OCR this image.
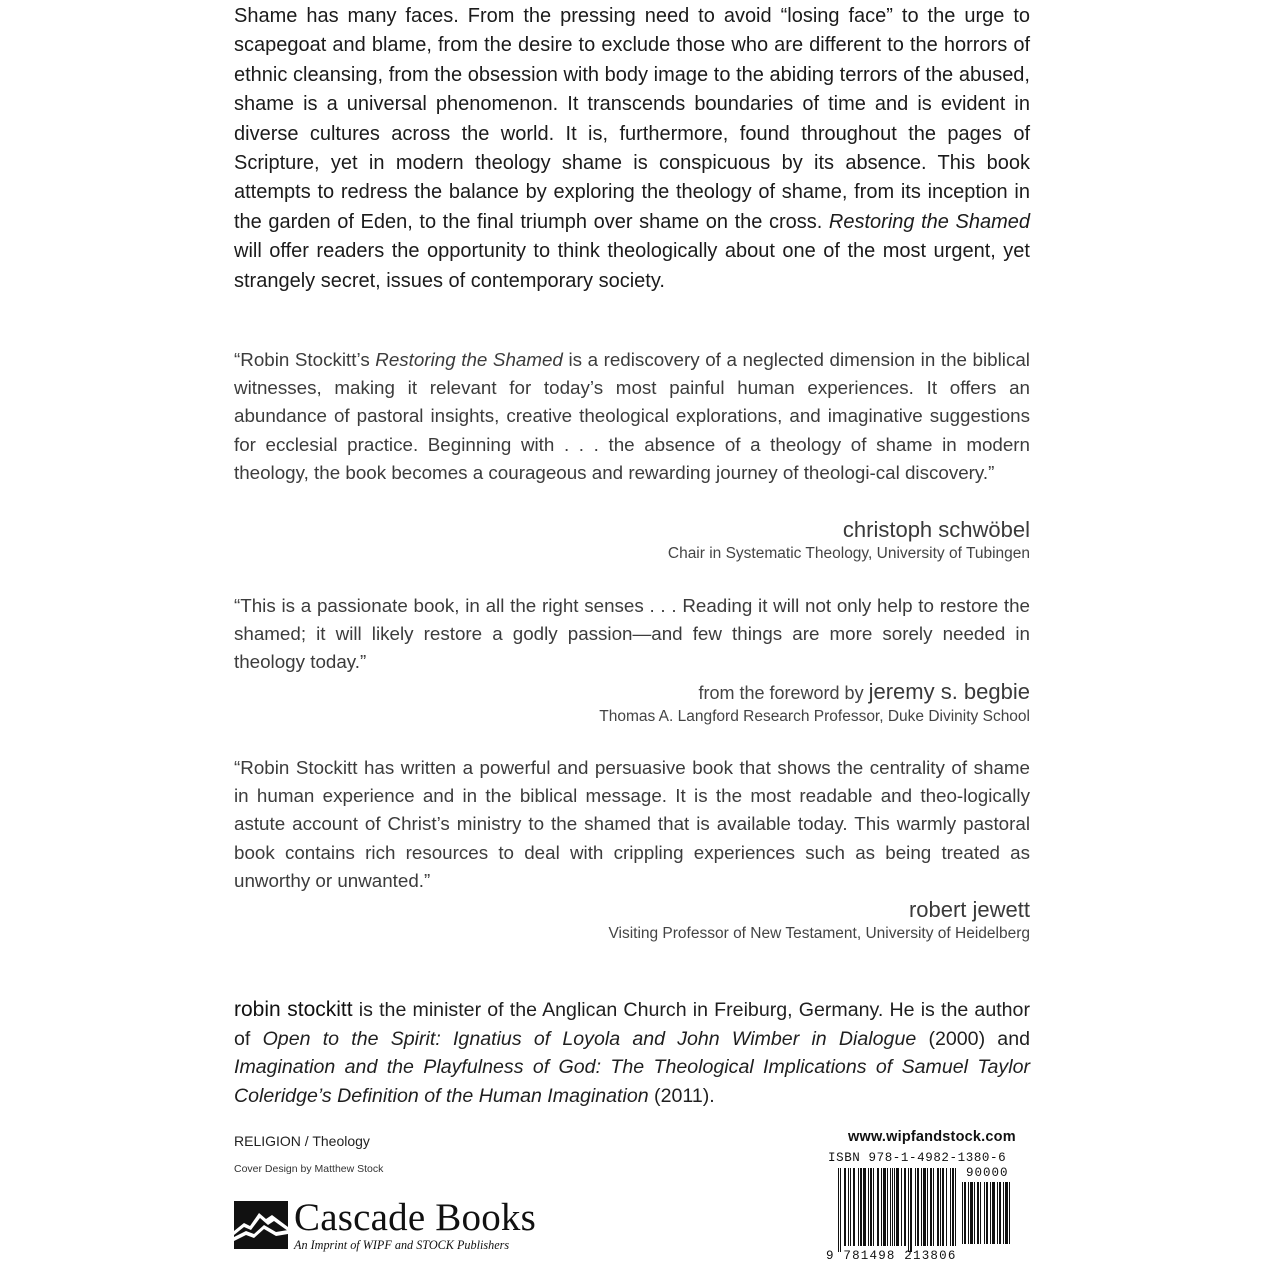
Shame has many faces. From the pressing need to avoid “losing face” to the urge to scapegoat and blame, from the desire to exclude those who are different to the horrors of ethnic cleansing, from the obsession with body image to the abiding terrors of the abused, shame is a universal phenomenon. It transcends boundaries of time and is evident in diverse cultures across the world. It is, furthermore, found throughout the pages of Scripture, yet in modern theology shame is conspicuous by its absence. This book attempts to redress the balance by exploring the theology of shame, from its inception in the garden of Eden, to the final triumph over shame on the cross. Restoring the Shamed will offer readers the opportunity to think theologically about one of the most urgent, yet strangely secret, issues of contemporary society.
“Robin Stockitt’s Restoring the Shamed is a rediscovery of a neglected dimension in the biblical witnesses, making it relevant for today’s most painful human experiences. It offers an abundance of pastoral insights, creative theological explorations, and imaginative suggestions for ecclesial practice. Beginning with . . . the absence of a theology of shame in modern theology, the book becomes a courageous and rewarding journey of theologi-cal discovery.”
christoph schwöbel
Chair in Systematic Theology, University of Tubingen
“This is a passionate book, in all the right senses . . . Reading it will not only help to restore the shamed; it will likely restore a godly passion—and few things are more sorely needed in theology today.”
from the foreword by jeremy s. begbie
Thomas A. Langford Research Professor, Duke Divinity School
“Robin Stockitt has written a powerful and persuasive book that shows the centrality of shame in human experience and in the biblical message. It is the most readable and theo-logically astute account of Christ’s ministry to the shamed that is available today. This warmly pastoral book contains rich resources to deal with crippling experiences such as being treated as unworthy or unwanted.”
robert jewett
Visiting Professor of New Testament, University of Heidelberg
robin stockitt is the minister of the Anglican Church in Freiburg, Germany. He is the author of Open to the Spirit: Ignatius of Loyola and John Wimber in Dialogue (2000) and Imagination and the Playfulness of God: The Theological Implications of Samuel Taylor Coleridge’s Definition of the Human Imagination (2011).
RELIGION / Theology
Cover Design by Matthew Stock
Cascade Books
An Imprint of WIPF and STOCK Publishers
www.wipfandstock.com
ISBN 978-1-4982-1380-6
90000
9 781498 213806
